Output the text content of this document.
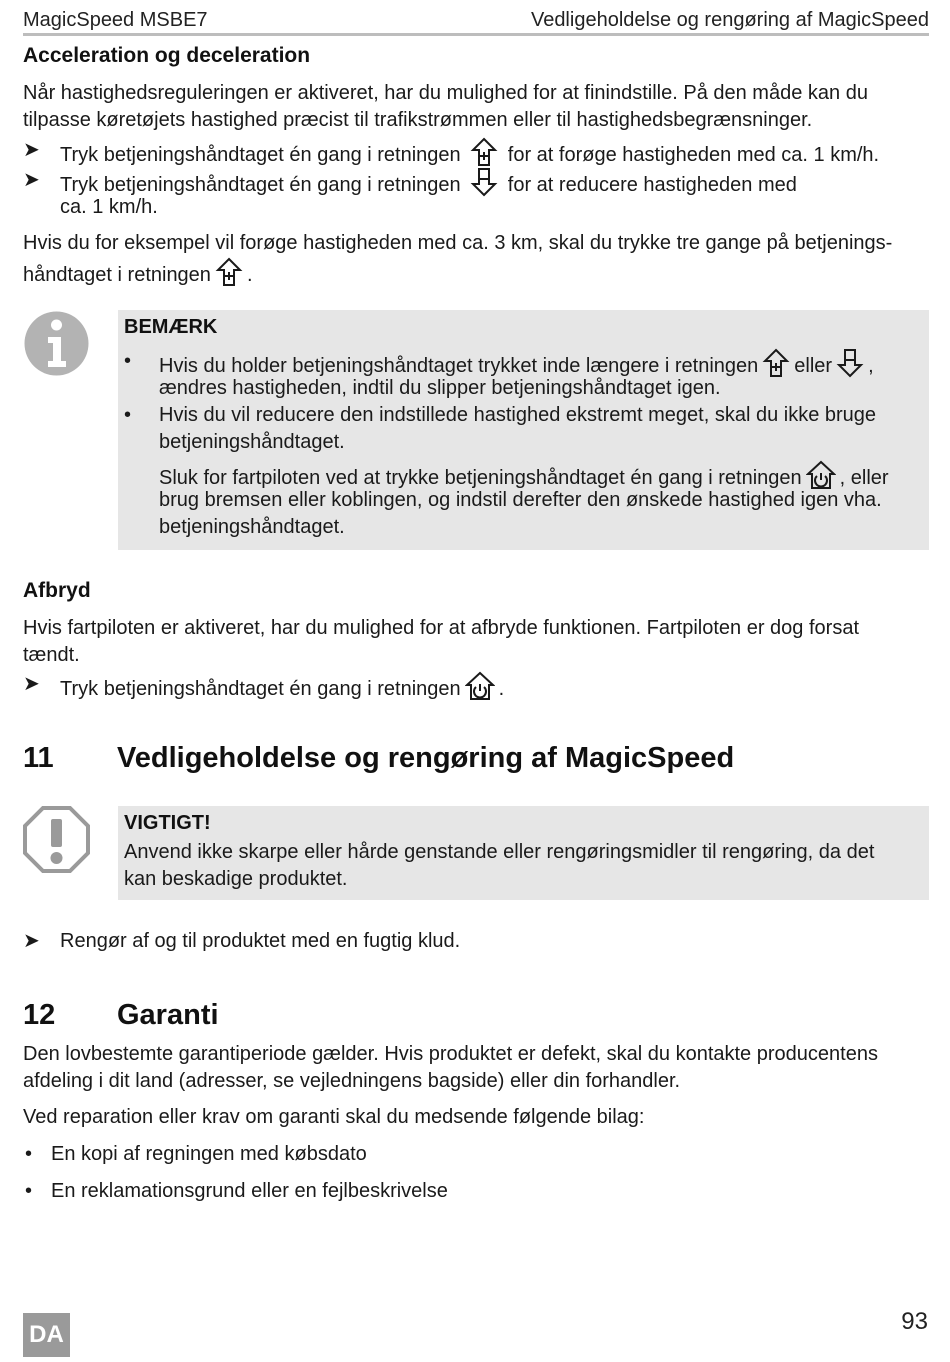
MagicSpeed MSBE7	Vedligeholdelse og rengøring af MagicSpeed
Acceleration og deceleration
Når hastighedsreguleringen er aktiveret, har du mulighed for at finindstille. På den måde kan du
tilpasse køretøjets hastighed præcist til trafikstrømmen eller til hastighedsbegrænsninger.
➤ Tryk betjeningshåndtaget én gang i retningen for at forøge hastigheden med ca. 1 km/h.
➤ Tryk betjeningshåndtaget én gang i retningen for at reducere hastigheden med
ca. 1 km/h.
Hvis du for eksempel vil forøge hastigheden med ca. 3 km, skal du trykke tre gange på betjenings-
håndtaget i retningen .
BEMÆRK
• Hvis du holder betjeningshåndtaget trykket inde længere i retningen eller ,
ændres hastigheden, indtil du slipper betjeningshåndtaget igen.
• Hvis du vil reducere den indstillede hastighed ekstremt meget, skal du ikke bruge
betjeningshåndtaget.
Sluk for fartpiloten ved at trykke betjeningshåndtaget én gang i retningen , eller
brug bremsen eller koblingen, og indstil derefter den ønskede hastighed igen vha.
betjeningshåndtaget.
Afbryd
Hvis fartpiloten er aktiveret, har du mulighed for at afbryde funktionen. Fartpiloten er dog forsat
tændt.
➤ Tryk betjeningshåndtaget én gang i retningen .
11 Vedligeholdelse og rengøring af MagicSpeed
VIGTIGT!
Anvend ikke skarpe eller hårde genstande eller rengøringsmidler til rengøring, da det
kan beskadige produktet.
➤ Rengør af og til produktet med en fugtig klud.
12 Garanti
Den lovbestemte garantiperiode gælder. Hvis produktet er defekt, skal du kontakte producentens
afdeling i dit land (adresser, se vejledningens bagside) eller din forhandler.
Ved reparation eller krav om garanti skal du medsende følgende bilag:
• En kopi af regningen med købsdato
• En reklamationsgrund eller en fejlbeskrivelse
DA	93
